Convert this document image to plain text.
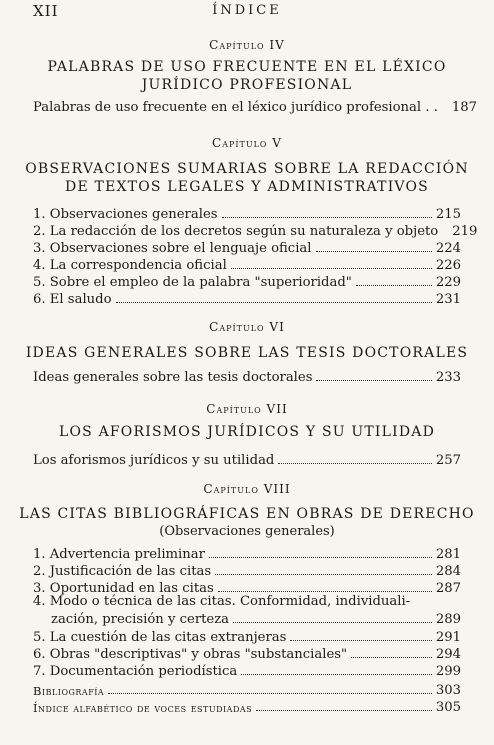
XII	ÍNDICE
Capítulo IV
PALABRAS DE USO FRECUENTE EN EL LÉXICO
JURÍDICO PROFESIONAL
Palabras de uso frecuente en el léxico jurídico profesional . . 187
Capítulo V
OBSERVACIONES SUMARIAS SOBRE LA REDACCIÓN
DE TEXTOS LEGALES Y ADMINISTRATIVOS
1. Observaciones generales	215
2. La redacción de los decretos según su naturaleza y objeto 219
3. Observaciones sobre el lenguaje oficial	224
4. La correspondencia oficial	226
5. Sobre el empleo de la palabra "superioridad"	229
6. El saludo	231
Capítulo VI
IDEAS GENERALES SOBRE LAS TESIS DOCTORALES
Ideas generales sobre las tesis doctorales	233
Capítulo VII
LOS AFORISMOS JURÍDICOS Y SU UTILIDAD
Los aforismos jurídicos y su utilidad	257
Capítulo VIII
LAS CITAS BIBLIOGRÁFICAS EN OBRAS DE DERECHO
(Observaciones generales)
1. Advertencia preliminar	281
2. Justificación de las citas	284
3. Oportunidad en las citas	287
4. Modo o técnica de las citas. Conformidad, individuali-
zación, precisión y certeza	289
5. La cuestión de las citas extranjeras	291
6. Obras "descriptivas" y obras "substanciales"	294
7. Documentación periodística	299
Bibliografía	303
Índice alfabético de voces estudiadas	305
